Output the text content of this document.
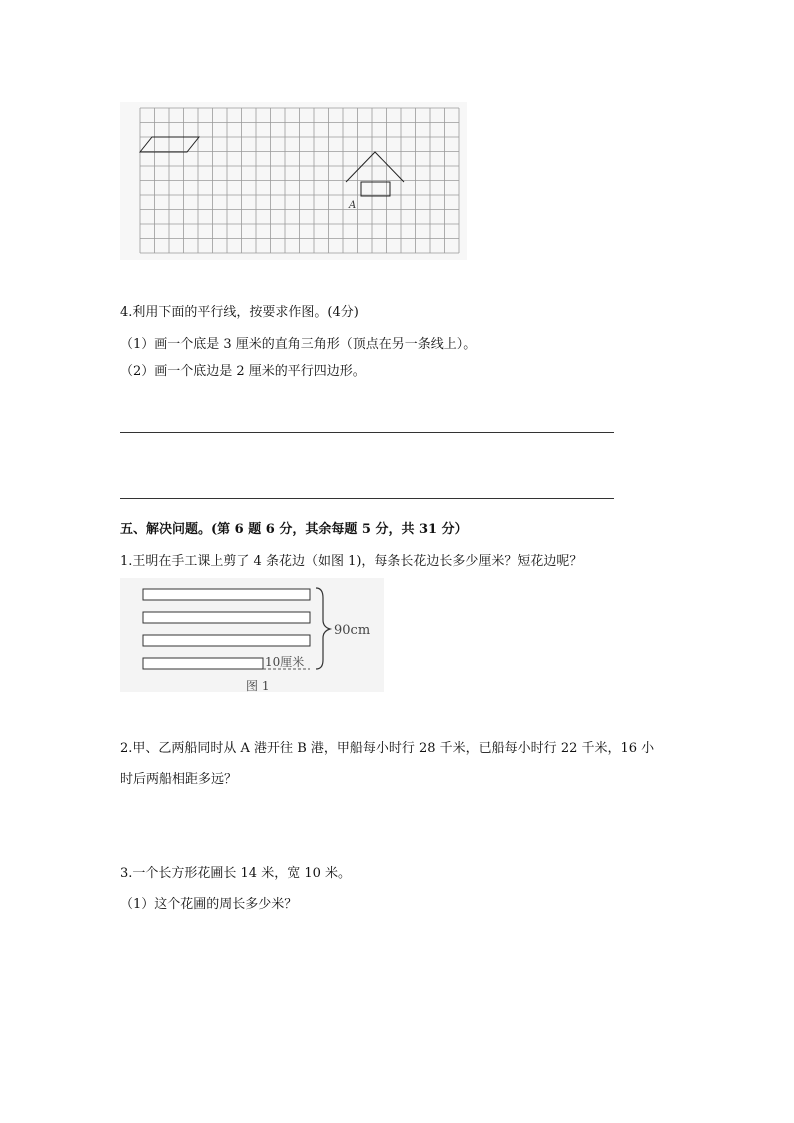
A
4.利用下面的平行线，按要求作图。(4分)
（1）画一个底是 3 厘米的直角三角形（顶点在另一条线上）。
（2）画一个底边是 2 厘米的平行四边形。
五、解决问题。(第 6 题 6 分，其余每题 5 分，共 31 分）
1.王明在手工课上剪了 4 条花边（如图 1)，每条长花边长多少厘米？短花边呢？
90cm
10厘米
图 1
2.甲、乙两船同时从 A 港开往 B 港，甲船每小时行 28 千米，已船每小时行 22 千米，16 小
时后两船相距多远？
3.一个长方形花圃长 14 米，宽 10 米。
（1）这个花圃的周长多少米？
